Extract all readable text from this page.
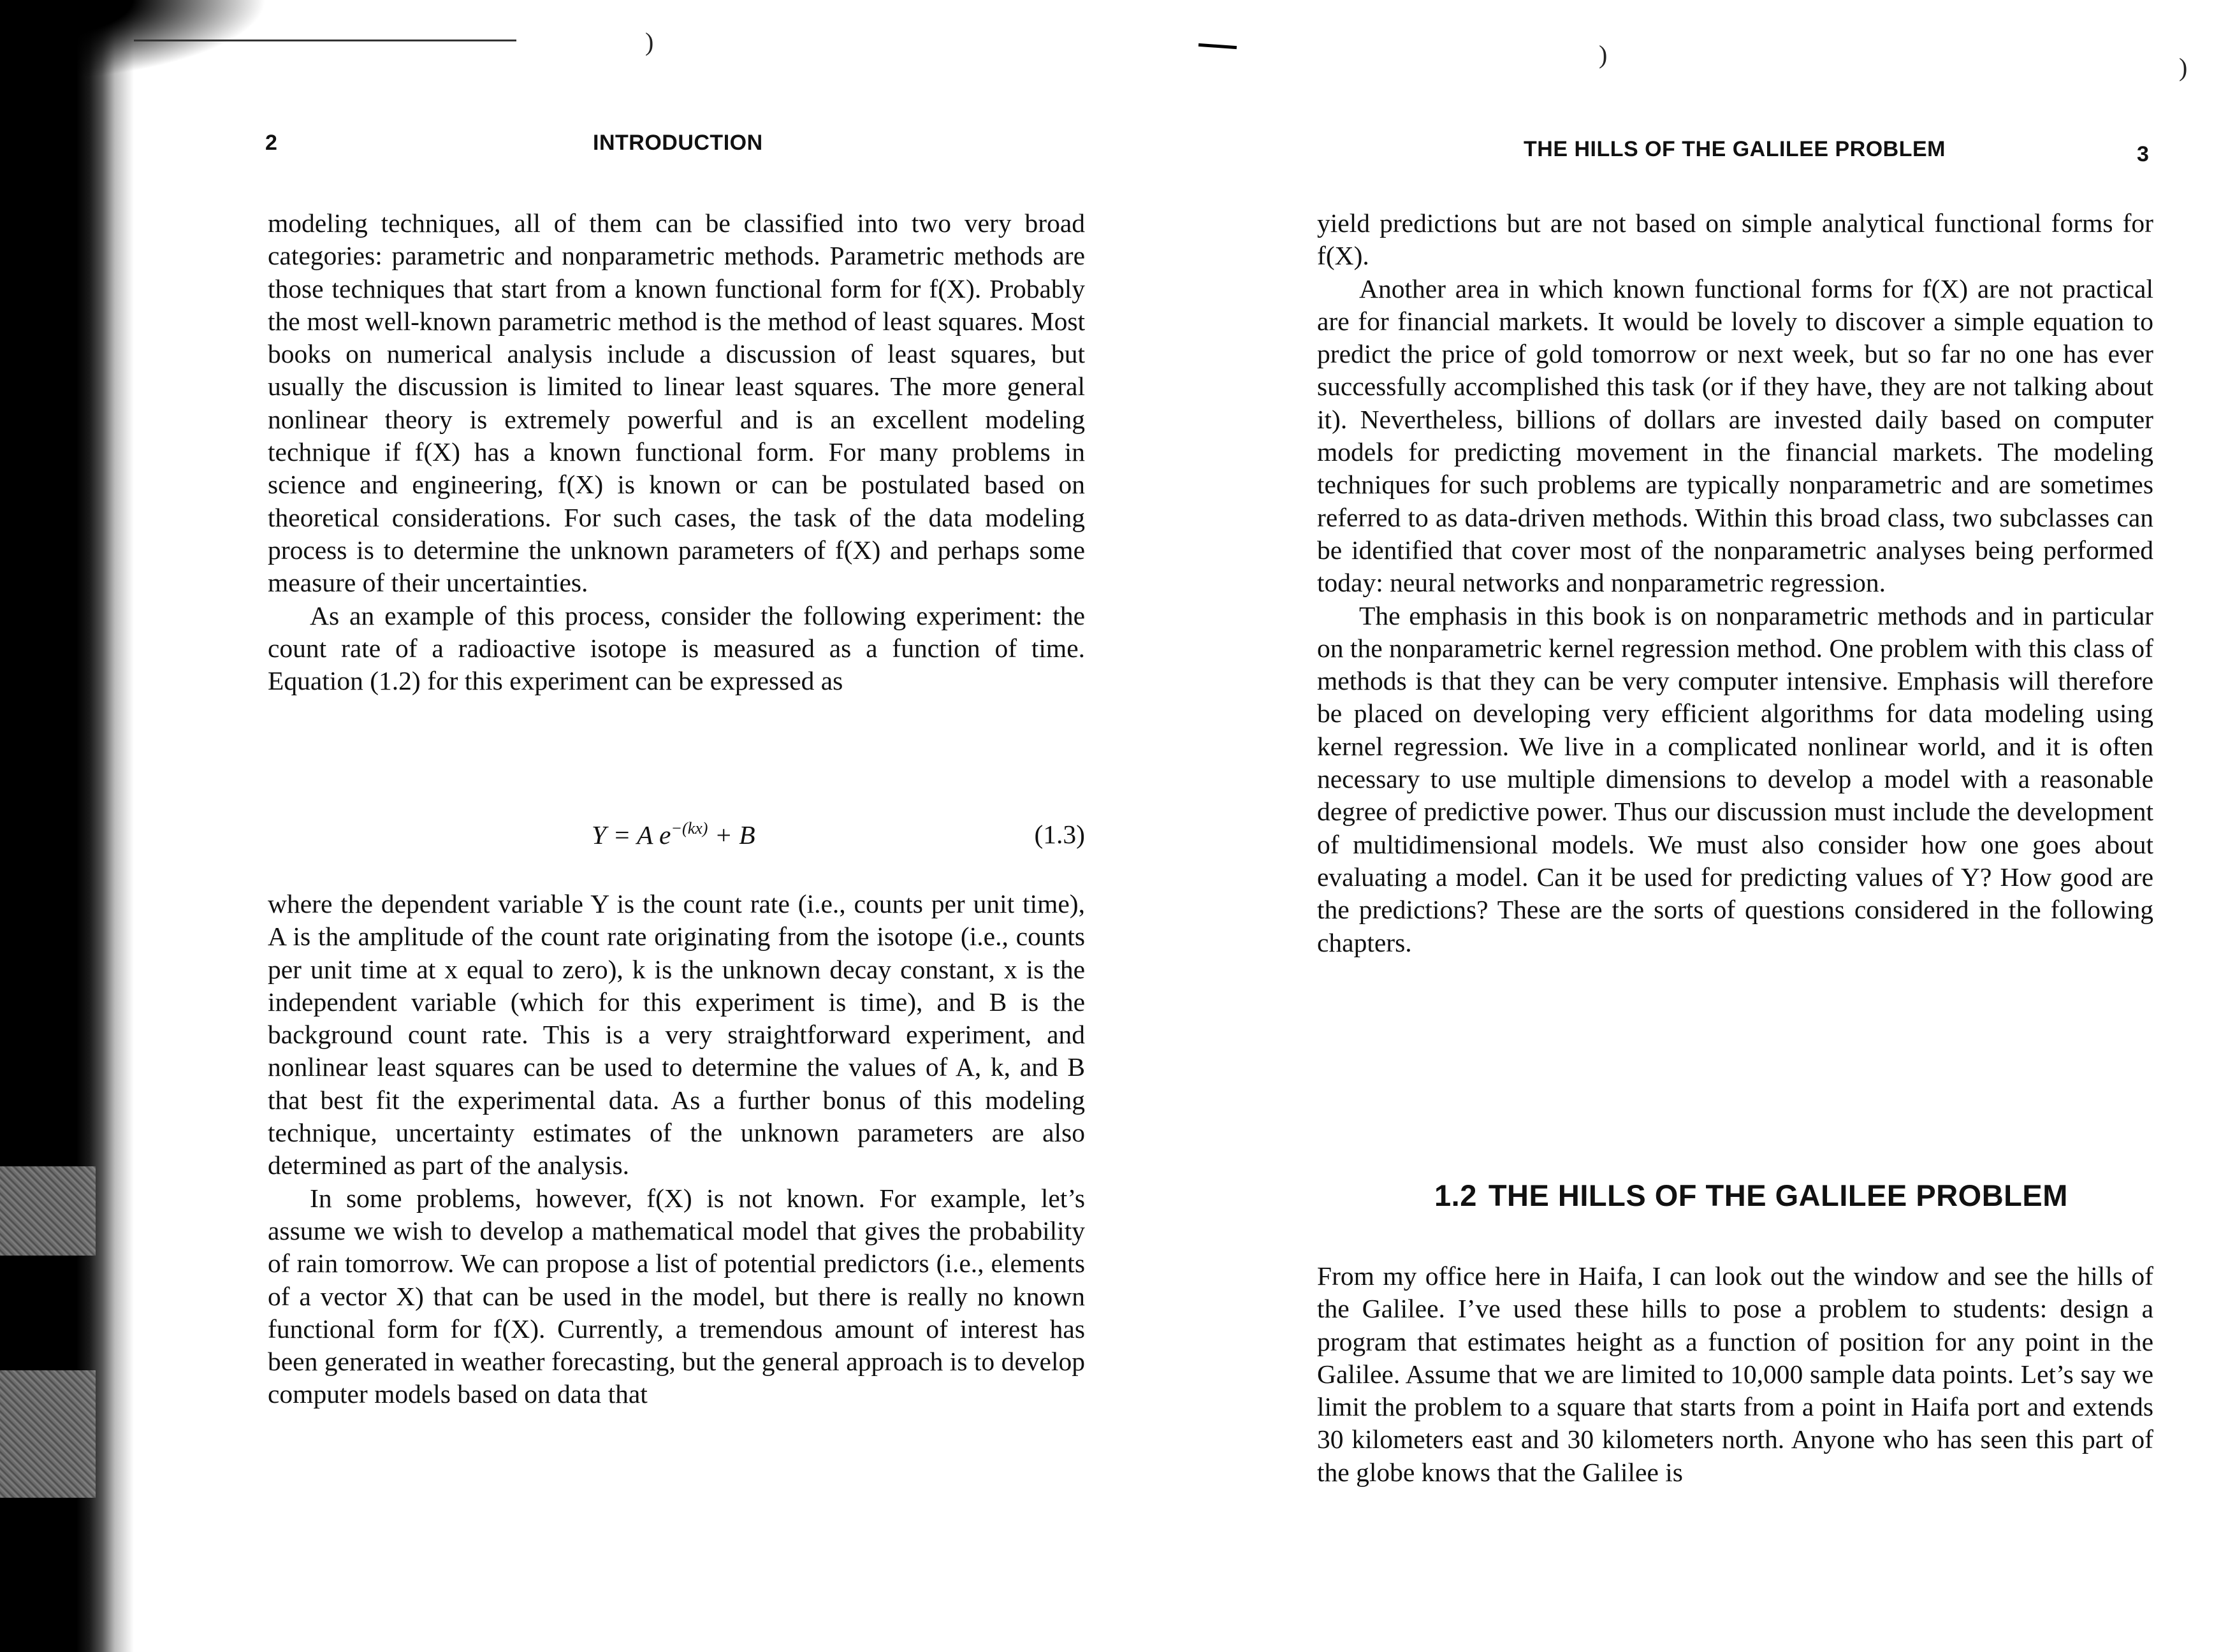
)	)	)
2	INTRODUCTION

modeling techniques, all of them can be classified into two very broad categories: parametric and nonparametric methods. Parametric methods are those techniques that start from a known functional form for f(X). Probably the most well-known parametric method is the method of least squares. Most books on numerical analysis include a discussion of least squares, but usually the discussion is limited to linear least squares. The more general nonlinear theory is extremely powerful and is an excellent modeling technique if f(X) has a known functional form. For many problems in science and engineering, f(X) is known or can be postulated based on theoretical considerations. For such cases, the task of the data modeling process is to determine the unknown parameters of f(X) and perhaps some measure of their uncertainties.

As an example of this process, consider the following experiment: the count rate of a radioactive isotope is measured as a function of time. Equation (1.2) for this experiment can be expressed as

Y = A $e^{-(kx)} + B$	(1.3)

where the dependent variable Y is the count rate (i.e., counts per unit time), A is the amplitude of the count rate originating from the isotope (i.e., counts per unit time at x equal to zero), k is the unknown decay constant, x is the independent variable (which for this experiment is time), and B is the background count rate. This is a very straightforward experiment, and nonlinear least squares can be used to determine the values of A, k, and B that best fit the experimental data. As a further bonus of this modeling technique, uncertainty estimates of the unknown parameters are also determined as part of the analysis.

In some problems, however, f(X) is not known. For example, let’s assume we wish to develop a mathematical model that gives the probability of rain tomorrow. We can propose a list of potential predictors (i.e., elements of a vector X) that can be used in the model, but there is really no known functional form for f(X). Currently, a tremendous amount of interest has been generated in weather forecasting, but the general approach is to develop computer models based on data that

THE HILLS OF THE GALILEE PROBLEM	3

yield predictions but are not based on simple analytical functional forms for f(X).

Another area in which known functional forms for f(X) are not practical are for financial markets. It would be lovely to discover a simple equation to predict the price of gold tomorrow or next week, but so far no one has ever successfully accomplished this task (or if they have, they are not talking about it). Nevertheless, billions of dollars are invested daily based on computer models for predicting movement in the financial markets. The modeling techniques for such problems are typically nonparametric and are sometimes referred to as data-driven methods. Within this broad class, two subclasses can be identified that cover most of the nonparametric analyses being performed today: neural networks and nonparametric regression.

The emphasis in this book is on nonparametric methods and in particular on the nonparametric kernel regression method. One problem with this class of methods is that they can be very computer intensive. Emphasis will therefore be placed on developing very efficient algorithms for data modeling using kernel regression. We live in a complicated nonlinear world, and it is often necessary to use multiple dimensions to develop a model with a reasonable degree of predictive power. Thus our discussion must include the development of multidimensional models. We must also consider how one goes about evaluating a model. Can it be used for predicting values of Y? How good are the predictions? These are the sorts of questions considered in the following chapters.

1.2 THE HILLS OF THE GALILEE PROBLEM

From my office here in Haifa, I can look out the window and see the hills of the Galilee. I’ve used these hills to pose a problem to students: design a program that estimates height as a function of position for any point in the Galilee. Assume that we are limited to 10,000 sample data points. Let’s say we limit the problem to a square that starts from a point in Haifa port and extends 30 kilometers east and 30 kilometers north. Anyone who has seen this part of the globe knows that the Galilee is
